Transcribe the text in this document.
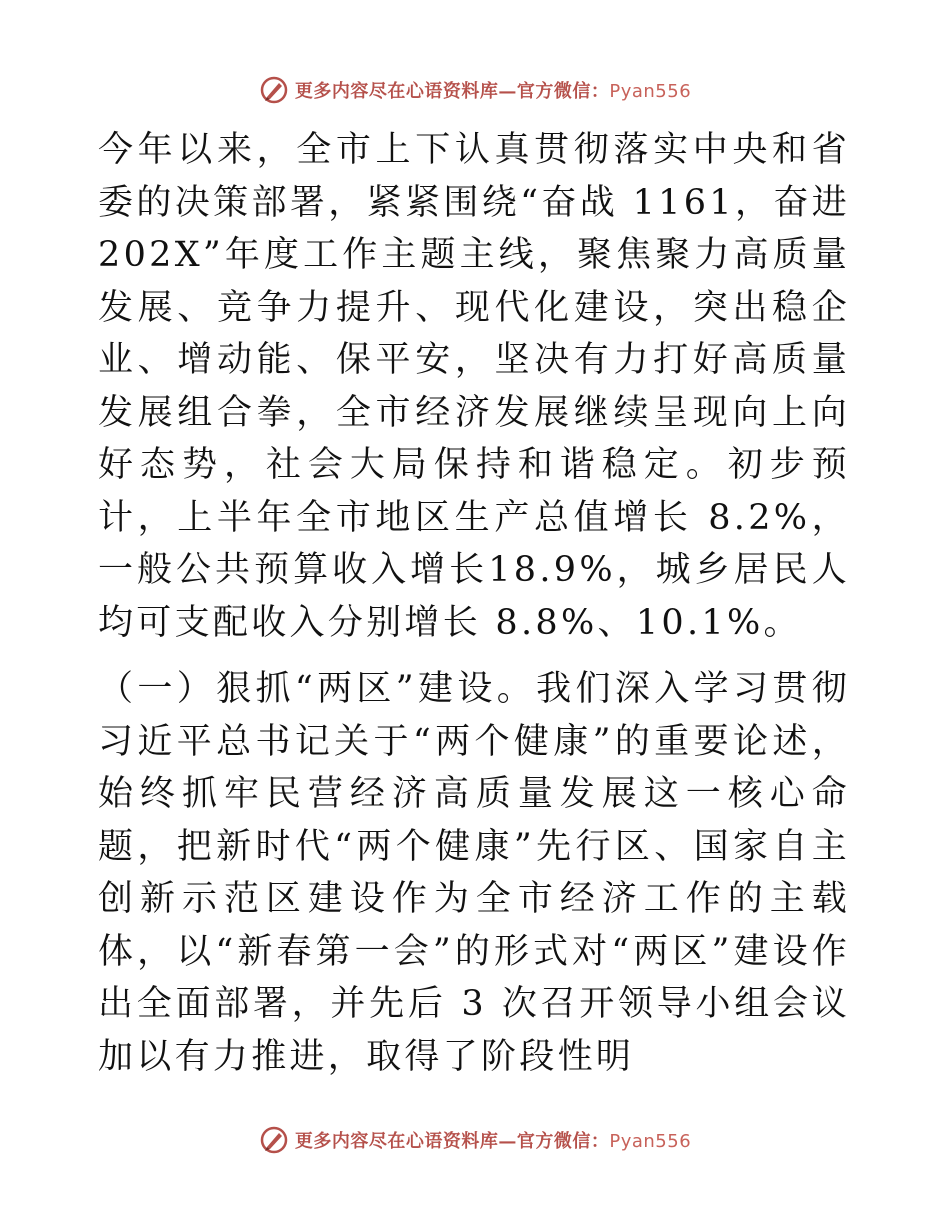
更多内容尽在心语资料库—官方微信：Pyan556

今年以来，全市上下认真贯彻落实中央和省委的决策部署，紧紧围绕“奋战 1161，奋进202X”年度工作主题主线，聚焦聚力高质量发展、竞争力提升、现代化建设，突出稳企业、增动能、保平安，坚决有力打好高质量发展组合拳，全市经济发展继续呈现向上向好态势，社会大局保持和谐稳定。初步预计，上半年全市地区生产总值增长 8.2%，一般公共预算收入增长18.9%，城乡居民人均可支配收入分别增长 8.8%、10.1%。

（一）狠抓“两区”建设。我们深入学习贯彻习近平总书记关于“两个健康”的重要论述，始终抓牢民营经济高质量发展这一核心命题，把新时代“两个健康”先行区、国家自主创新示范区建设作为全市经济工作的主载体，以“新春第一会”的形式对“两区”建设作出全面部署，并先后 3 次召开领导小组会议加以有力推进，取得了阶段性明

更多内容尽在心语资料库—官方微信：Pyan556
